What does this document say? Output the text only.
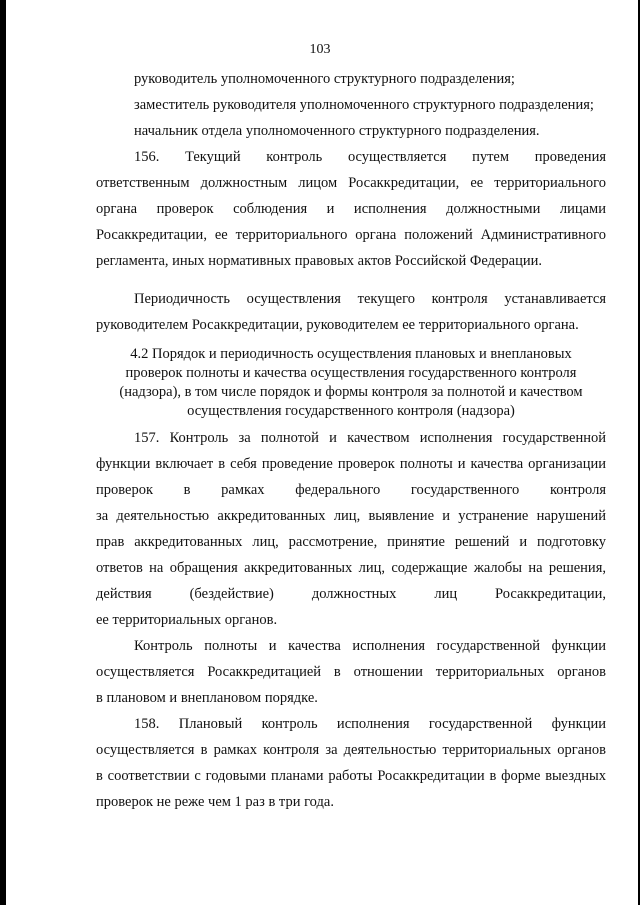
103
руководитель уполномоченного структурного подразделения;
заместитель руководителя уполномоченного структурного подразделения;
начальник отдела уполномоченного структурного подразделения.
156. Текущий контроль осуществляется путем проведения
ответственным должностным лицом Росаккредитации, ее территориального
органа проверок соблюдения и исполнения должностными лицами
Росаккредитации, ее территориального органа положений Административного
регламента, иных нормативных правовых актов Российской Федерации.
Периодичность осуществления текущего контроля устанавливается
руководителем Росаккредитации, руководителем ее территориального органа.
4.2 Порядок и периодичность осуществления плановых и внеплановых
проверок полноты и качества осуществления государственного контроля
(надзора), в том числе порядок и формы контроля за полнотой и качеством
осуществления государственного контроля (надзора)
157. Контроль за полнотой и качеством исполнения государственной
функции включает в себя проведение проверок полноты и качества организации
проверок в рамках федерального государственного контроля
за деятельностью аккредитованных лиц, выявление и устранение нарушений
прав аккредитованных лиц, рассмотрение, принятие решений и подготовку
ответов на обращения аккредитованных лиц, содержащие жалобы на решения,
действия (бездействие) должностных лиц Росаккредитации,
ее территориальных органов.
Контроль полноты и качества исполнения государственной функции
осуществляется Росаккредитацией в отношении территориальных органов
в плановом и внеплановом порядке.
158. Плановый контроль исполнения государственной функции
осуществляется в рамках контроля за деятельностью территориальных органов
в соответствии с годовыми планами работы Росаккредитации в форме выездных
проверок не реже чем 1 раз в три года.
